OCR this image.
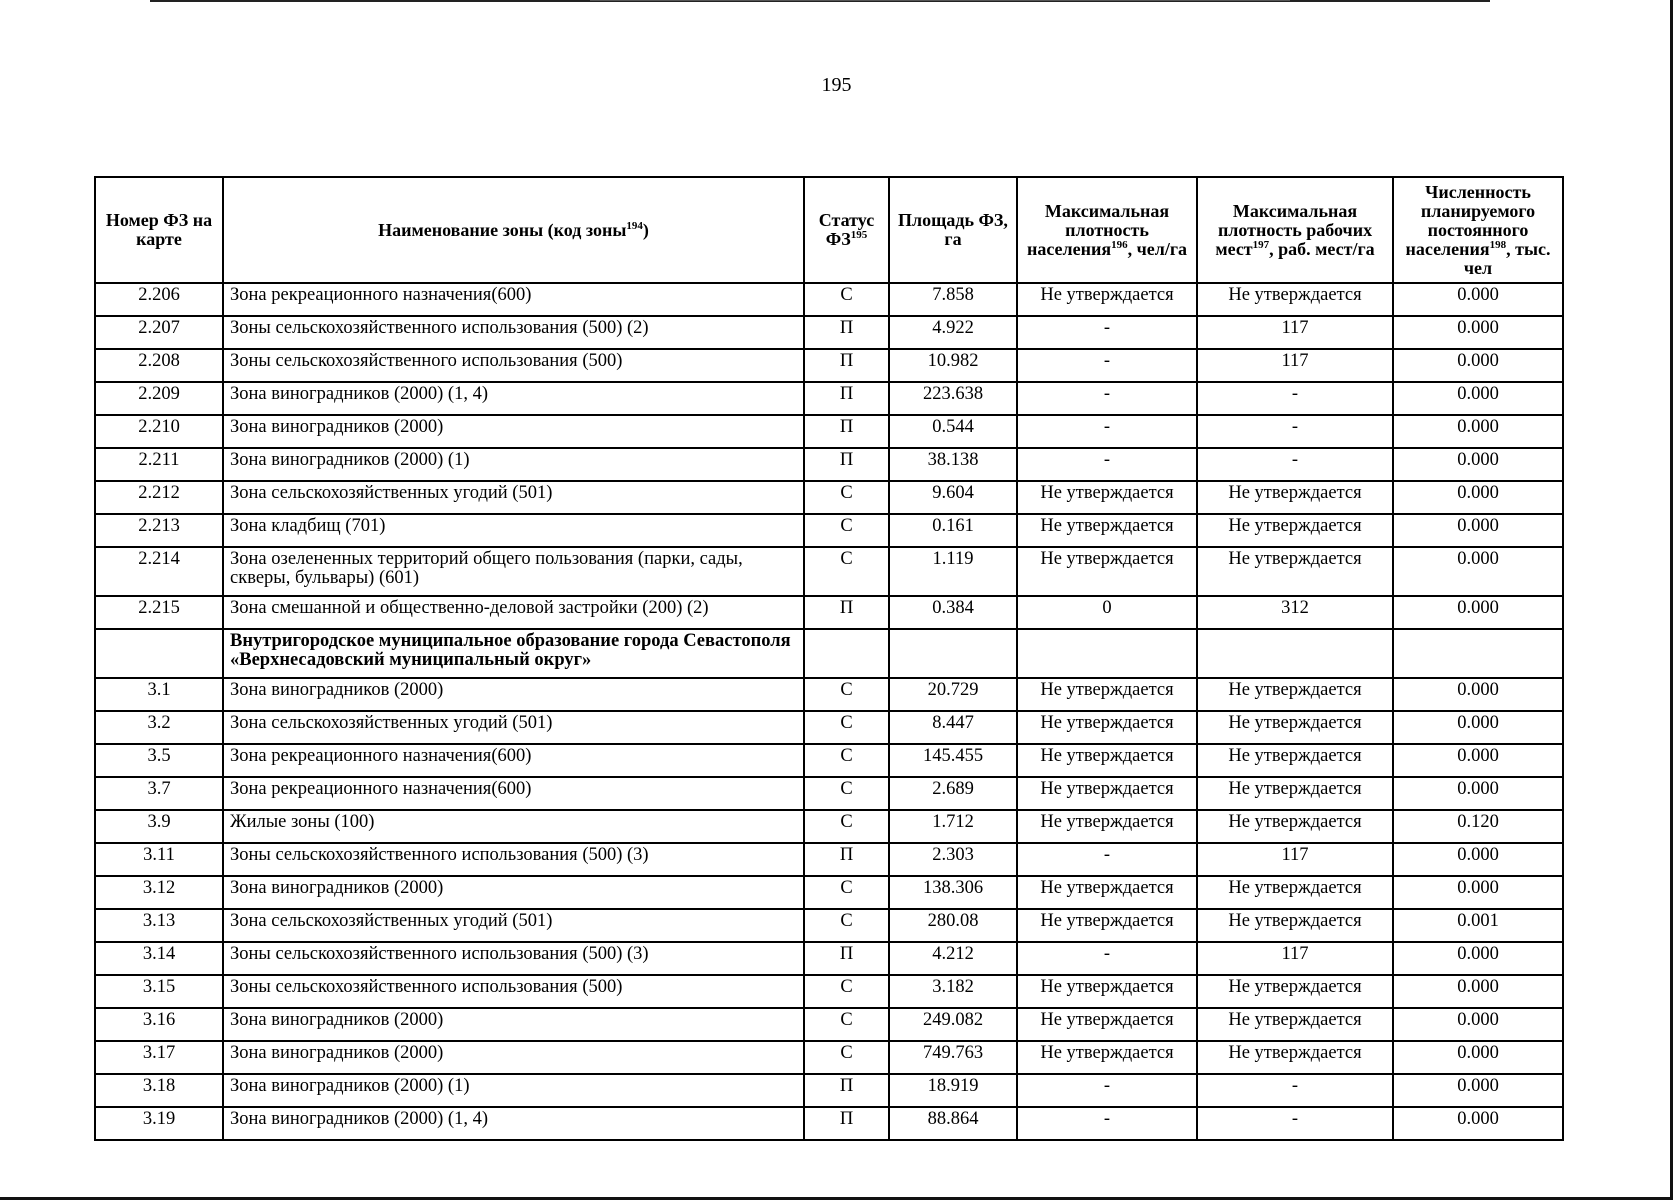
195
Номер ФЗ на карте	Наименование зоны (код зоны$^{194}$)	Статус ФЗ$^{195}$	Площадь ФЗ, га	Максимальная плотность населения$^{196}$, чел/га	Максимальная плотность рабочих мест$^{197}$, раб. мест/га	Численность планируемого постоянного населения$^{198}$, тыс. чел
2.206	Зона рекреационного назначения(600)	С	7.858	Не утверждается	Не утверждается	0.000
2.207	Зоны сельскохозяйственного использования (500) (2)	П	4.922	-	117	0.000
2.208	Зоны сельскохозяйственного использования (500)	П	10.982	-	117	0.000
2.209	Зона виноградников (2000) (1, 4)	П	223.638	-	-	0.000
2.210	Зона виноградников (2000)	П	0.544	-	-	0.000
2.211	Зона виноградников (2000) (1)	П	38.138	-	-	0.000
2.212	Зона сельскохозяйственных угодий (501)	С	9.604	Не утверждается	Не утверждается	0.000
2.213	Зона кладбищ (701)	С	0.161	Не утверждается	Не утверждается	0.000
2.214	Зона озелененных территорий общего пользования (парки, сады, скверы, бульвары) (601)	С	1.119	Не утверждается	Не утверждается	0.000
2.215	Зона смешанной и общественно-деловой застройки (200) (2)	П	0.384	0	312	0.000
	Внутригородское муниципальное образование города Севастополя «Верхнесадовский муниципальный округ»					
3.1	Зона виноградников (2000)	С	20.729	Не утверждается	Не утверждается	0.000
3.2	Зона сельскохозяйственных угодий (501)	С	8.447	Не утверждается	Не утверждается	0.000
3.5	Зона рекреационного назначения(600)	С	145.455	Не утверждается	Не утверждается	0.000
3.7	Зона рекреационного назначения(600)	С	2.689	Не утверждается	Не утверждается	0.000
3.9	Жилые зоны (100)	С	1.712	Не утверждается	Не утверждается	0.120
3.11	Зоны сельскохозяйственного использования (500) (3)	П	2.303	-	117	0.000
3.12	Зона виноградников (2000)	С	138.306	Не утверждается	Не утверждается	0.000
3.13	Зона сельскохозяйственных угодий (501)	С	280.08	Не утверждается	Не утверждается	0.001
3.14	Зоны сельскохозяйственного использования (500) (3)	П	4.212	-	117	0.000
3.15	Зоны сельскохозяйственного использования (500)	С	3.182	Не утверждается	Не утверждается	0.000
3.16	Зона виноградников (2000)	С	249.082	Не утверждается	Не утверждается	0.000
3.17	Зона виноградников (2000)	С	749.763	Не утверждается	Не утверждается	0.000
3.18	Зона виноградников (2000) (1)	П	18.919	-	-	0.000
3.19	Зона виноградников (2000) (1, 4)	П	88.864	-	-	0.000
